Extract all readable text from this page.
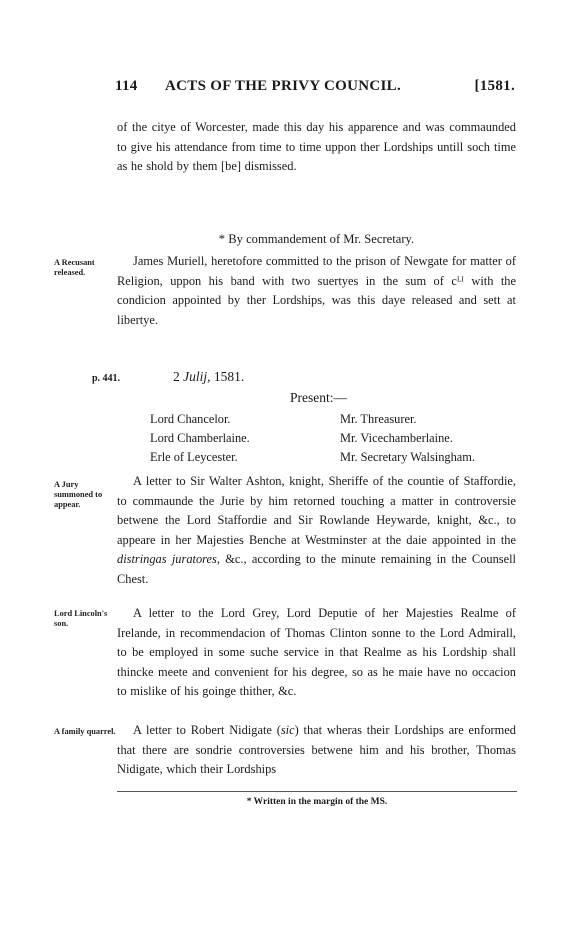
114 ACTS OF THE PRIVY COUNCIL.	[1581.

of the citye of Worcester, made this day his apparence and was commaunded to give his attendance from time to time uppon ther Lordships untill soch time as he shold by them [be] dismissed.

* By commandement of Mr. Secretary.
A Recusant released.

James Muriell, heretofore committed to the prison of Newgate for matter of Religion, uppon his band with two suertyes in the sum of cᴸᴵ with the condicion appointed by ther Lordships, was this daye released and sett at libertye.

p. 441.	2 Julij, 1581.
Present:—
Lord Chancelor.	Mr. Threasurer.
Lord Chamberlaine.	Mr. Vicechamberlaine.
Erle of Leycester.	Mr. Secretary Walsingham.
A Jury summoned to appear.

A letter to Sir Walter Ashton, knight, Sheriffe of the countie of Staffordie, to commaunde the Jurie by him retorned touching a matter in controversie betwene the Lord Staffordie and Sir Rowlande Heywarde, knight, &c., to appeare in her Majesties Benche at Westminster at the daie appointed in the distringas juratores, &c., according to the minute remaining in the Counsell Chest.

Lord Lincoln's son.

A letter to the Lord Grey, Lord Deputie of her Majesties Realme of Irelande, in recommendacion of Thomas Clinton sonne to the Lord Admirall, to be employed in some suche service in that Realme as his Lordship shall thincke meete and convenient for his degree, so as he maie have no occacion to mislike of his goinge thither, &c.

A family quarrel.	A letter to Robert Nidigate (sic) that wheras their Lordships are enformed that there are sondrie controversies betwene him and his brother, Thomas Nidigate, which their Lordships

* Written in the margin of the MS.
